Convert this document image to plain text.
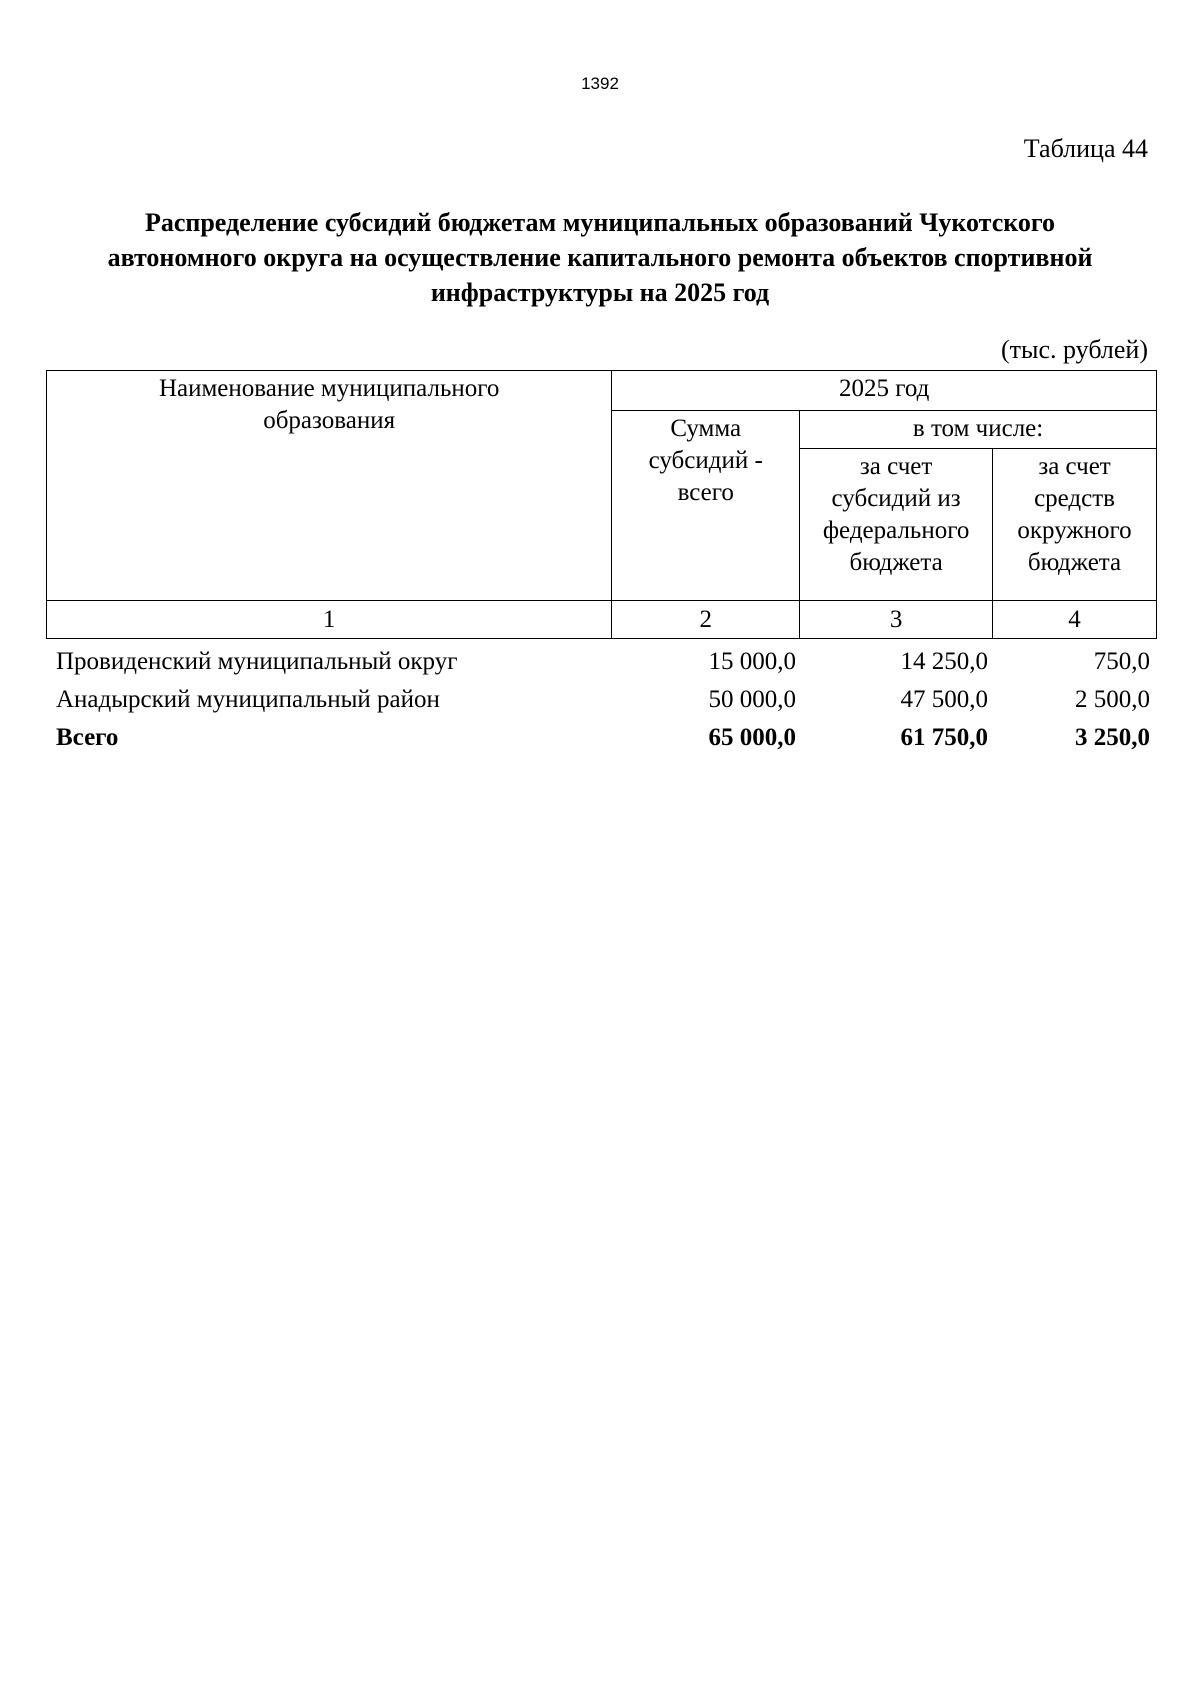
1392
Таблица 44
Распределение субсидий бюджетам муниципальных образований Чукотского
автономного округа на осуществление капитального ремонта объектов спортивной
инфраструктуры на 2025 год
(тыс. рублей)
Наименование муниципального
образования	2025 год		

	Сумма
субсидий -
всего	в том числе:	

		за счет
субсидий из
федерального
бюджета	за счет
средств
окружного
бюджета

1	2	3	4
Провиденский муниципальный округ	15 000,0	14 250,0	750,0
Анадырский муниципальный район	50 000,0	47 500,0	2 500,0
Всего	65 000,0	61 750,0	3 250,0
